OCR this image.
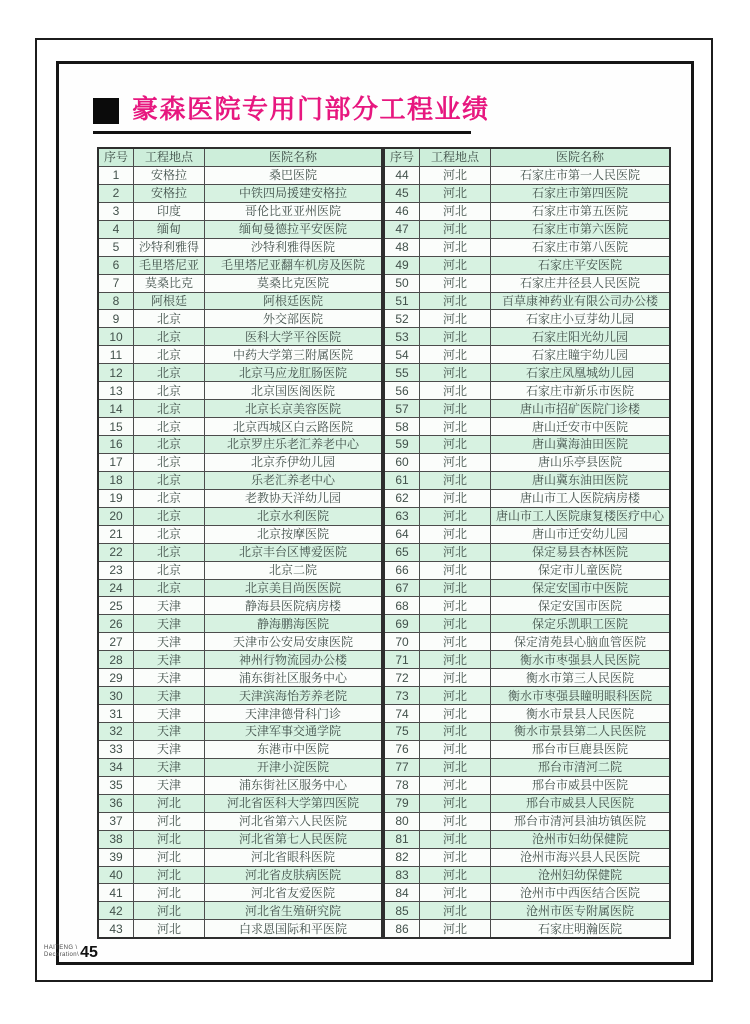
豪森医院专用门部分工程业绩
序号	工程地点	医院名称
1	安格拉	桑巴医院
2	安格拉	中铁四局援建安格拉
3	印度	哥伦比亚亚州医院
4	缅甸	缅甸曼德拉平安医院
5	沙特利雅得	沙特利雅得医院
6	毛里塔尼亚	毛里塔尼亚翻车机房及医院
7	莫桑比克	莫桑比克医院
8	阿根廷	阿根廷医院
9	北京	外交部医院
10	北京	医科大学平谷医院
11	北京	中药大学第三附属医院
12	北京	北京马应龙肛肠医院
13	北京	北京国医阁医院
14	北京	北京长京美容医院
15	北京	北京西城区白云路医院
16	北京	北京罗庄乐老汇养老中心
17	北京	北京乔伊幼儿园
18	北京	乐老汇养老中心
19	北京	老教协天洋幼儿园
20	北京	北京水利医院
21	北京	北京按摩医院
22	北京	北京丰台区博爱医院
23	北京	北京二院
24	北京	北京美目尚医医院
25	天津	静海县医院病房楼
26	天津	静海鹏海医院
27	天津	天津市公安局安康医院
28	天津	神州行物流园办公楼
29	天津	浦东街社区服务中心
30	天津	天津滨海怡芳养老院
31	天津	天津津德骨科门诊
32	天津	天津军事交通学院
33	天津	东港市中医院
34	天津	开津小淀医院
35	天津	浦东街社区服务中心
36	河北	河北省医科大学第四医院
37	河北	河北省第六人民医院
38	河北	河北省第七人民医院
39	河北	河北省眼科医院
40	河北	河北省皮肤病医院
41	河北	河北省友爱医院
42	河北	河北省生殖研究院
43	河北	白求恩国际和平医院
序号	工程地点	医院名称
44	河北	石家庄市第一人民医院
45	河北	石家庄市第四医院
46	河北	石家庄市第五医院
47	河北	石家庄市第六医院
48	河北	石家庄市第八医院
49	河北	石家庄平安医院
50	河北	石家庄井径县人民医院
51	河北	百草康神药业有限公司办公楼
52	河北	石家庄小豆芽幼儿园
53	河北	石家庄阳光幼儿园
54	河北	石家庄瞳宇幼儿园
55	河北	石家庄凤凰城幼儿园
56	河北	石家庄市新乐市医院
57	河北	唐山市招矿医院门诊楼
58	河北	唐山迁安市中医院
59	河北	唐山冀海油田医院
60	河北	唐山乐亭县医院
61	河北	唐山冀东油田医院
62	河北	唐山市工人医院病房楼
63	河北	唐山市工人医院康复楼医疗中心
64	河北	唐山市迁安幼儿园
65	河北	保定易县杏林医院
66	河北	保定市儿童医院
67	河北	保定安国市中医院
68	河北	保定安国市医院
69	河北	保定乐凯职工医院
70	河北	保定清苑县心脑血管医院
71	河北	衡水市枣强县人民医院
72	河北	衡水市第三人民医院
73	河北	衡水市枣强县瞳明眼科医院
74	河北	衡水市景县人民医院
75	河北	衡水市景县第二人民医院
76	河北	邢台市巨鹿县医院
77	河北	邢台市清河二院
78	河北	邢台市威县中医院
79	河北	邢台市威县人民医院
80	河北	邢台市清河县油坊镇医院
81	河北	沧州市妇幼保健院
82	河北	沧州市海兴县人民医院
83	河北	沧州妇幼保健院
84	河北	沧州市中西医结合医院
85	河北	沧州市医专附属医院
86	河北	石家庄明瀚医院
HAITENG \
Decoration\ 45
